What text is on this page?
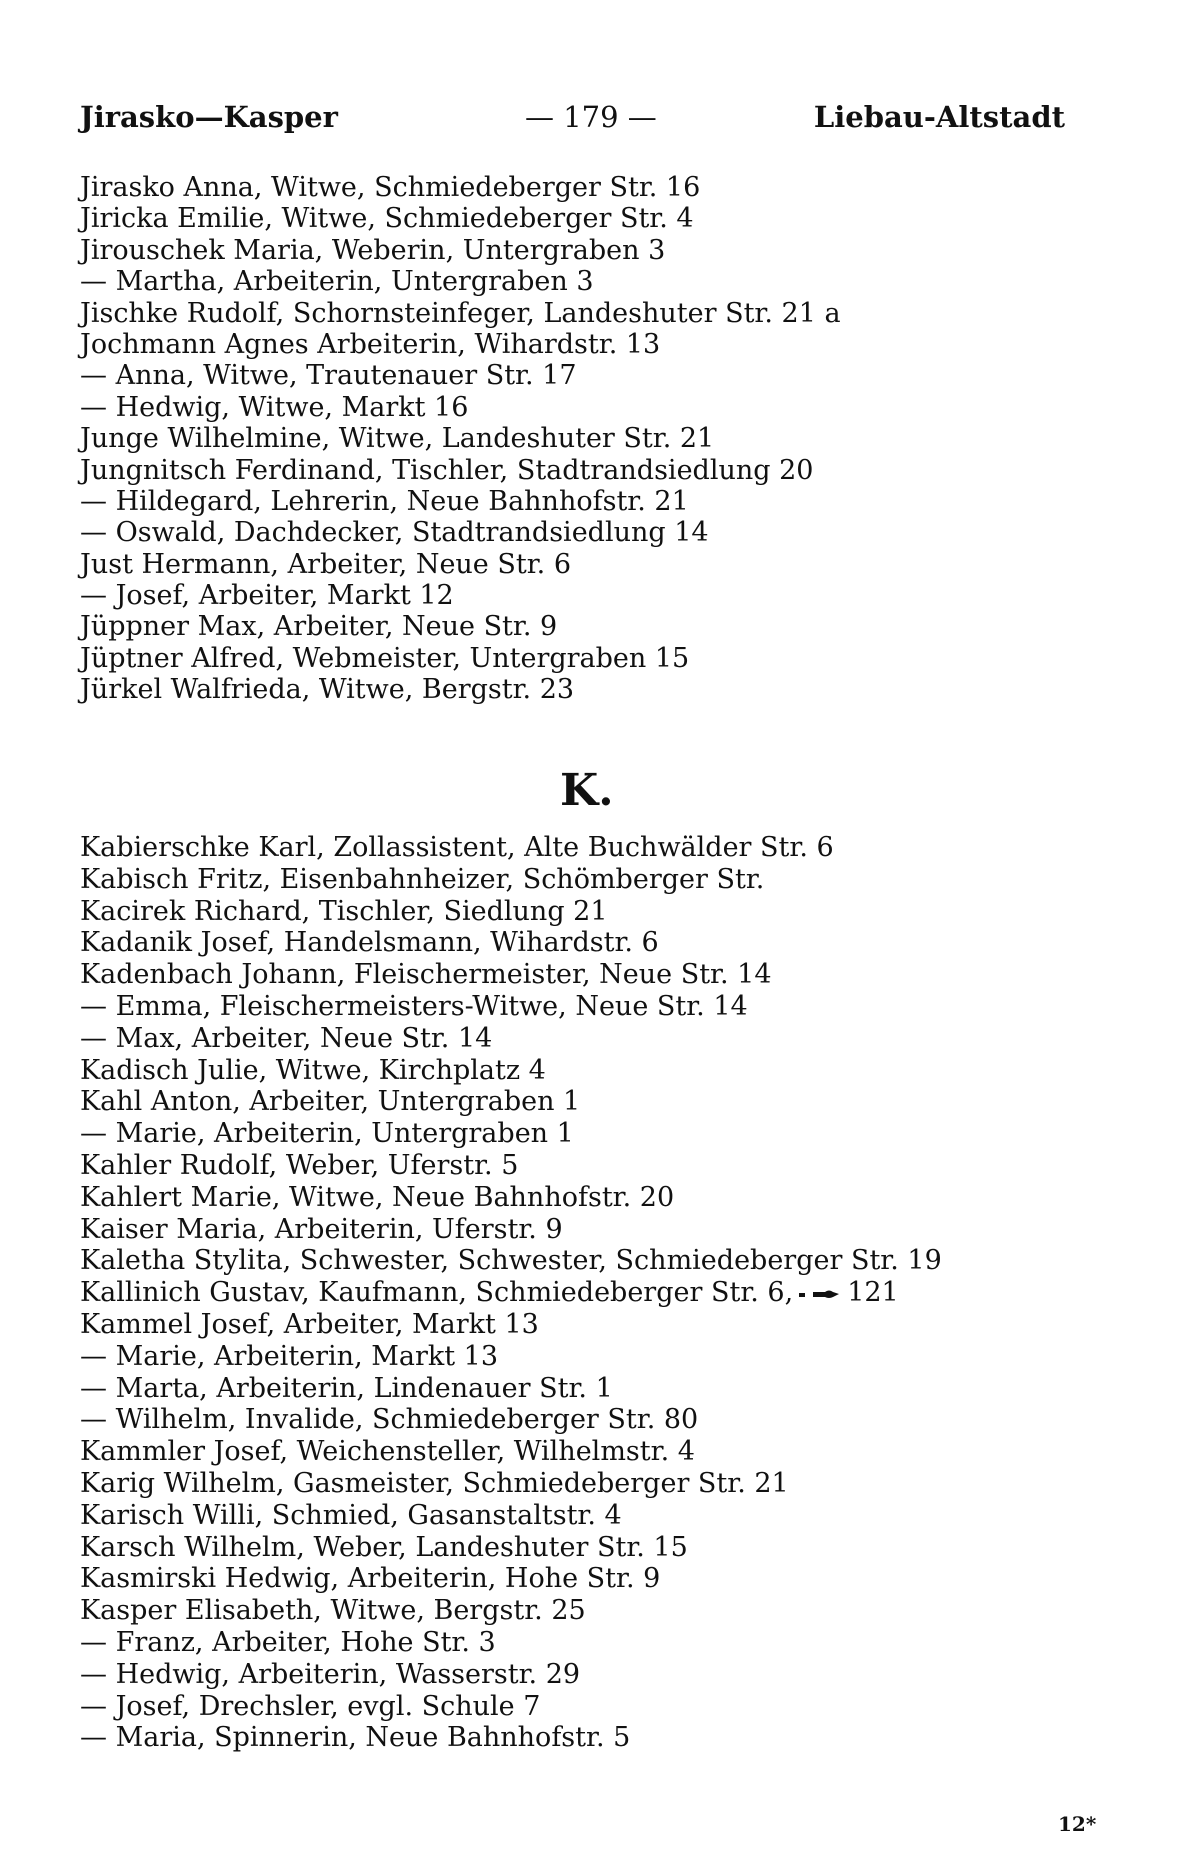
Jirasko—Kasper	— 179 —	Liebau-Altstadt
Jirasko Anna, Witwe, Schmiedeberger Str. 16
Jiricka Emilie, Witwe, Schmiedeberger Str. 4
Jirouschek Maria, Weberin, Untergraben 3
— Martha, Arbeiterin, Untergraben 3
Jischke Rudolf, Schornsteinfeger, Landeshuter Str. 21 a
Jochmann Agnes Arbeiterin, Wihardstr. 13
— Anna, Witwe, Trautenauer Str. 17
— Hedwig, Witwe, Markt 16
Junge Wilhelmine, Witwe, Landeshuter Str. 21
Jungnitsch Ferdinand, Tischler, Stadtrandsiedlung 20
— Hildegard, Lehrerin, Neue Bahnhofstr. 21
— Oswald, Dachdecker, Stadtrandsiedlung 14
Just Hermann, Arbeiter, Neue Str. 6
— Josef, Arbeiter, Markt 12
Jüppner Max, Arbeiter, Neue Str. 9
Jüptner Alfred, Webmeister, Untergraben 15
Jürkel Walfrieda, Witwe, Bergstr. 23
K.
Kabierschke Karl, Zollassistent, Alte Buchwälder Str. 6
Kabisch Fritz, Eisenbahnheizer, Schömberger Str.
Kacirek Richard, Tischler, Siedlung 21
Kadanik Josef, Handelsmann, Wihardstr. 6
Kadenbach Johann, Fleischermeister, Neue Str. 14
— Emma, Fleischermeisters-Witwe, Neue Str. 14
— Max, Arbeiter, Neue Str. 14
Kadisch Julie, Witwe, Kirchplatz 4
Kahl Anton, Arbeiter, Untergraben 1
— Marie, Arbeiterin, Untergraben 1
Kahler Rudolf, Weber, Uferstr. 5
Kahlert Marie, Witwe, Neue Bahnhofstr. 20
Kaiser Maria, Arbeiterin, Uferstr. 9
Kaletha Stylita, Schwester, Schwester, Schmiedeberger Str. 19
Kallinich Gustav, Kaufmann, Schmiedeberger Str. 6, 121
Kammel Josef, Arbeiter, Markt 13
— Marie, Arbeiterin, Markt 13
— Marta, Arbeiterin, Lindenauer Str. 1
— Wilhelm, Invalide, Schmiedeberger Str. 80
Kammler Josef, Weichensteller, Wilhelmstr. 4
Karig Wilhelm, Gasmeister, Schmiedeberger Str. 21
Karisch Willi, Schmied, Gasanstaltstr. 4
Karsch Wilhelm, Weber, Landeshuter Str. 15
Kasmirski Hedwig, Arbeiterin, Hohe Str. 9
Kasper Elisabeth, Witwe, Bergstr. 25
— Franz, Arbeiter, Hohe Str. 3
— Hedwig, Arbeiterin, Wasserstr. 29
— Josef, Drechsler, evgl. Schule 7
— Maria, Spinnerin, Neue Bahnhofstr. 5
12*
